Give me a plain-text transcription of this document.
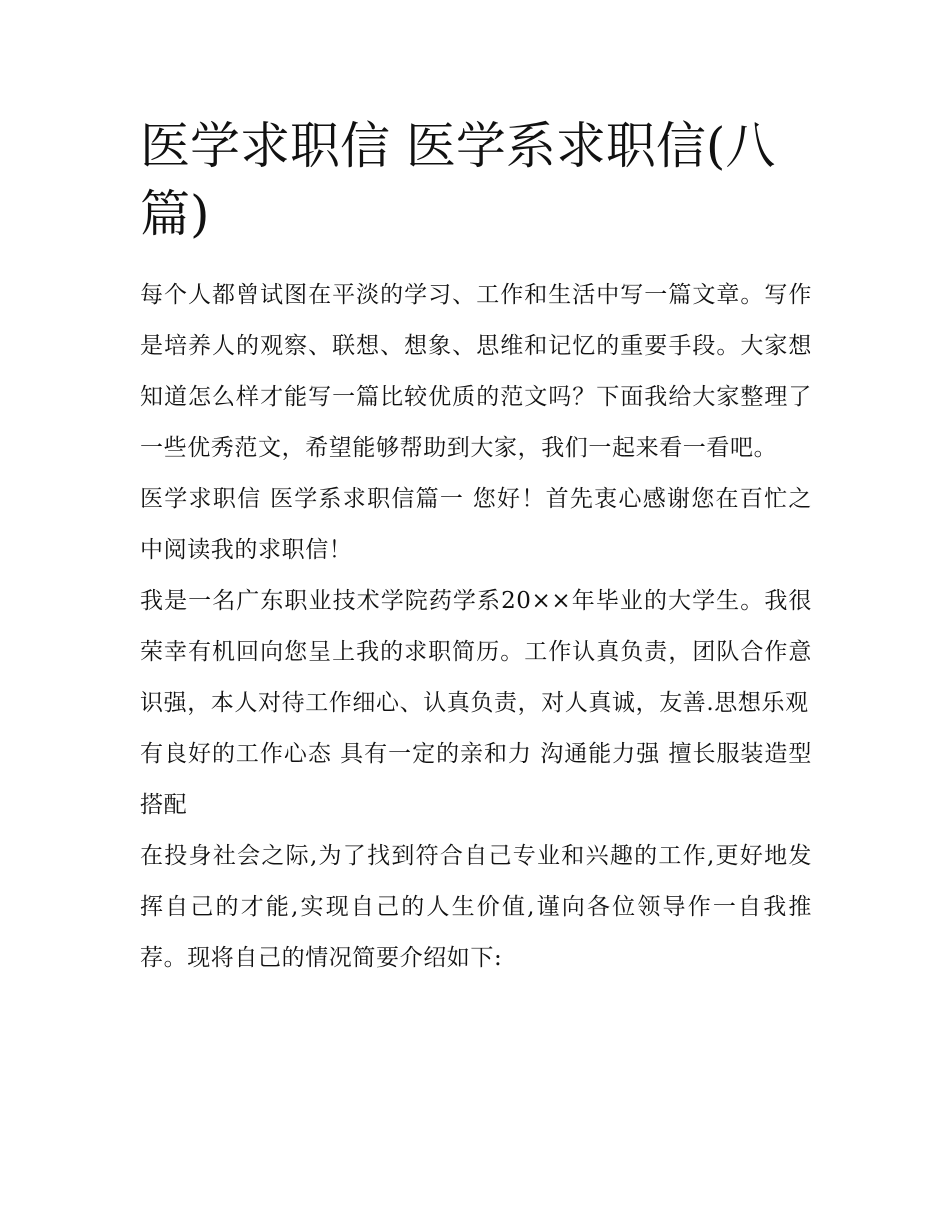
医学求职信 医学系求职信(八篇)

每个人都曾试图在平淡的学习、工作和生活中写一篇文章。写作是培养人的观察、联想、想象、思维和记忆的重要手段。大家想知道怎么样才能写一篇比较优质的范文吗？下面我给大家整理了一些优秀范文，希望能够帮助到大家，我们一起来看一看吧。

医学求职信 医学系求职信篇一 您好！首先衷心感谢您在百忙之中阅读我的求职信！

我是一名广东职业技术学院药学系20××年毕业的大学生。我很荣幸有机回向您呈上我的求职简历。工作认真负责，团队合作意识强，本人对待工作细心、认真负责，对人真诚，友善.思想乐观

有良好的工作心态 具有一定的亲和力 沟通能力强 擅长服装造型搭配

在投身社会之际,为了找到符合自己专业和兴趣的工作,更好地发挥自己的才能,实现自己的人生价值,谨向各位领导作一自我推荐。现将自己的情况简要介绍如下:
